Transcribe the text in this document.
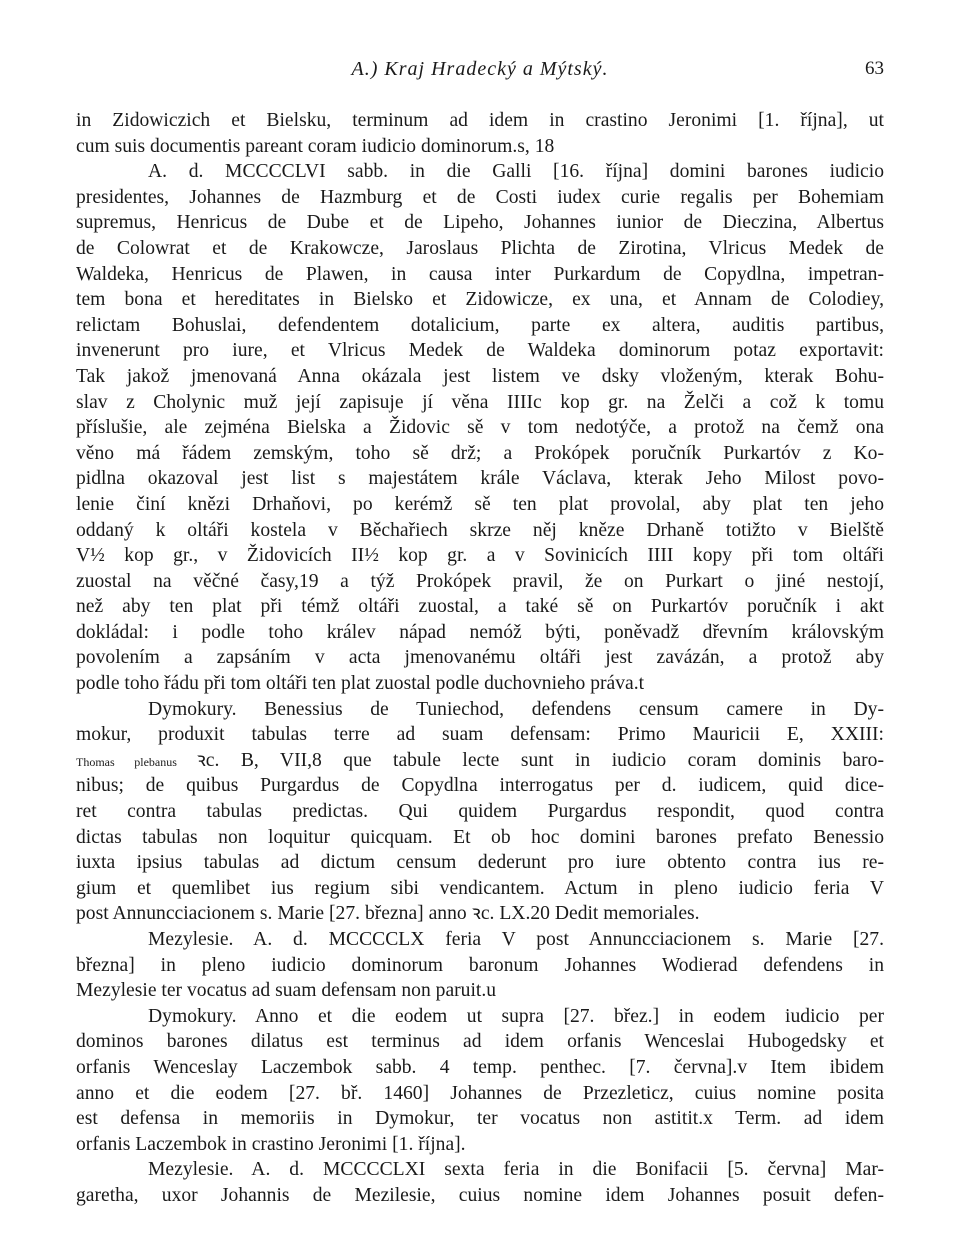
A.) Kraj Hradecký a Mýtský.	63
in Zidowiczich et Bielsku, terminum ad idem in crastino Jeronimi [1. října], ut
cum suis documentis pareant coram iudicio dominorum.s, 18
A. d. MCCCCLVI sabb. in die Galli [16. října] domini barones iudicio
presidentes, Johannes de Hazmburg et de Costi iudex curie regalis per Bohemiam
supremus, Henricus de Dube et de Lipeho, Johannes iunior de Dieczina, Albertus
de Colowrat et de Krakowcze, Jaroslaus Plichta de Zirotina, Vlricus Medek de
Waldeka, Henricus de Plawen, in causa inter Purkardum de Copydlna, impetran-
tem bona et hereditates in Bielsko et Zidowicze, ex una, et Annam de Colodiey,
relictam Bohuslai, defendentem dotalicium, parte ex altera, auditis partibus,
invenerunt pro iure, et Vlricus Medek de Waldeka dominorum potaz exportavit:
Tak jakož jmenovaná Anna okázala jest listem ve dsky vloženým, kterak Bohu-
slav z Cholynic muž její zapisuje jí věna IIIIc kop gr. na Želči a což k tomu
příslušie, ale zejména Bielska a Židovic sě v tom nedotýče, a protož na čemž ona
věno má řádem zemským, toho sě drž; a Prokópek poručník Purkartóv z Ko-
pidlna okazoval jest list s majestátem krále Václava, kterak Jeho Milost povo-
lenie činí knězi Drhaňovi, po kerémž sě ten plat provolal, aby plat ten jeho
oddaný k oltáři kostela v Běchařiech skrze něj kněze Drhaně totižto v Bielště
V½ kop gr., v Židovicích II½ kop gr. a v Sovinicích IIII kopy při tom oltáři
zuostal na věčné časy,19 a týž Prokópek pravil, že on Purkart o jiné nestojí,
než aby ten plat při témž oltáři zuostal, a také sě on Purkartóv poručník i akt
dokládal: i podle toho králev nápad nemóž býti, poněvadž dřevním královským
povolením a zapsáním v acta jmenovanému oltáři jest zavázán, a protož aby
podle toho řádu při tom oltáři ten plat zuostal podle duchovnieho práva.t
Dymokury. Benessius de Tuniechod, defendens censum camere in Dy-
mokur, produxit tabulas terre ad suam defensam: Primo Mauricii E, XXIII:
Thomas plebanus ꝛc. B, VII,8 que tabule lecte sunt in iudicio coram dominis baro-
nibus; de quibus Purgardus de Copydlna interrogatus per d. iudicem, quid dice-
ret contra tabulas predictas. Qui quidem Purgardus respondit, quod contra
dictas tabulas non loquitur quicquam. Et ob hoc domini barones prefato Benessio
iuxta ipsius tabulas ad dictum censum dederunt pro iure obtento contra ius re-
gium et quemlibet ius regium sibi vendicantem. Actum in pleno iudicio feria V
post Annuncciacionem s. Marie [27. března] anno ꝛc. LX.20 Dedit memoriales.
Mezylesie. A. d. MCCCCLX feria V post Annuncciacionem s. Marie [27.
března] in pleno iudicio dominorum baronum Johannes Wodierad defendens in
Mezylesie ter vocatus ad suam defensam non paruit.u
Dymokury. Anno et die eodem ut supra [27. břez.] in eodem iudicio per
dominos barones dilatus est terminus ad idem orfanis Wenceslai Hubogedsky et
orfanis Wenceslay Laczembok sabb. 4 temp. penthec. [7. června].v Item ibidem
anno et die eodem [27. bř. 1460] Johannes de Przezleticz, cuius nomine posita
est defensa in memoriis in Dymokur, ter vocatus non astitit.x Term. ad idem
orfanis Laczembok in crastino Jeronimi [1. října].
Mezylesie. A. d. MCCCCLXI sexta feria in die Bonifacii [5. června] Mar-
garetha, uxor Johannis de Mezilesie, cuius nomine idem Johannes posuit defen-
